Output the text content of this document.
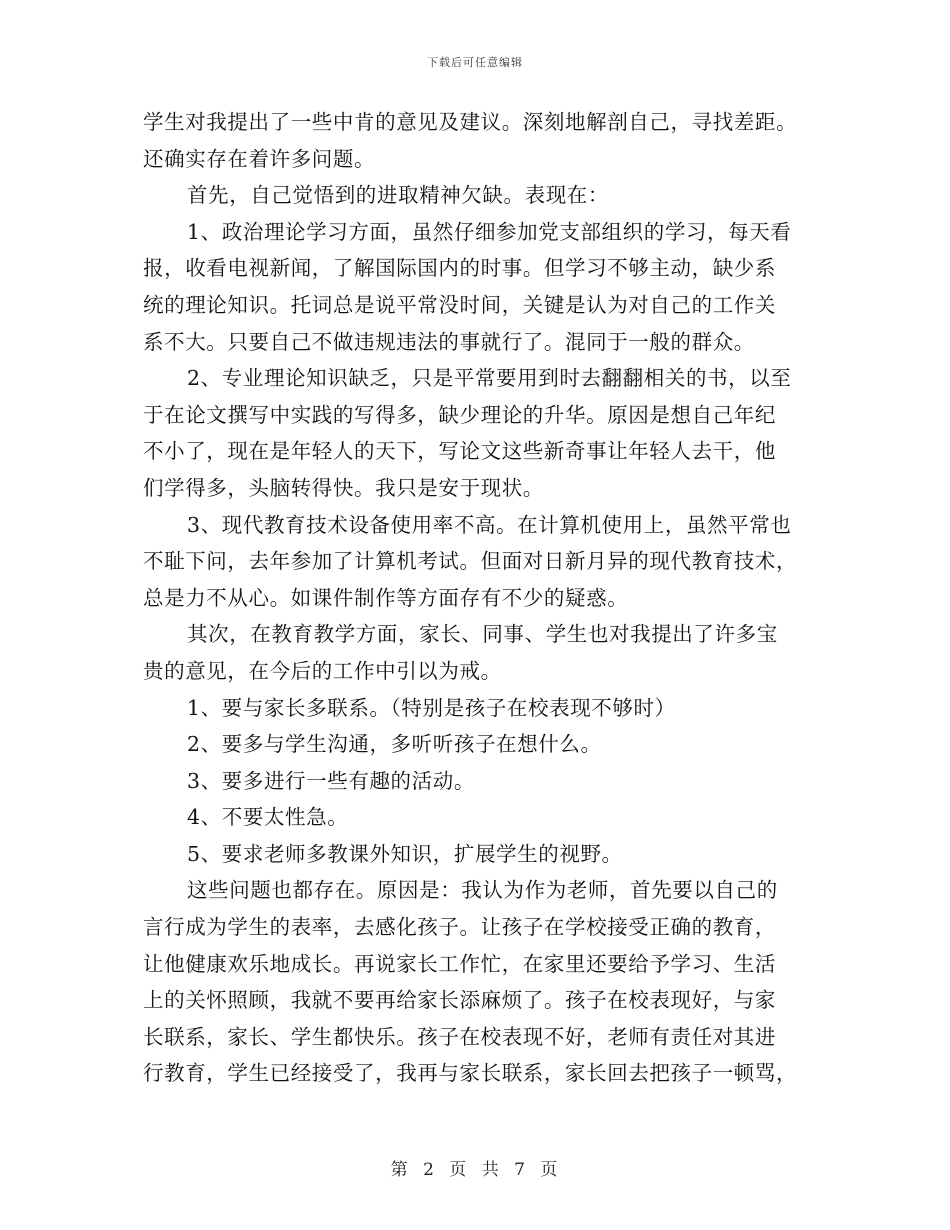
下载后可任意编辑
学生对我提出了一些中肯的意见及建议。深刻地解剖自己，寻找差距。
还确实存在着许多问题。
首先，自己觉悟到的进取精神欠缺。表现在：
1、政治理论学习方面，虽然仔细参加党支部组织的学习，每天看
报，收看电视新闻，了解国际国内的时事。但学习不够主动，缺少系
统的理论知识。托词总是说平常没时间，关键是认为对自己的工作关
系不大。只要自己不做违规违法的事就行了。混同于一般的群众。
2、专业理论知识缺乏，只是平常要用到时去翻翻相关的书，以至
于在论文撰写中实践的写得多，缺少理论的升华。原因是想自己年纪
不小了，现在是年轻人的天下，写论文这些新奇事让年轻人去干，他
们学得多，头脑转得快。我只是安于现状。
3、现代教育技术设备使用率不高。在计算机使用上，虽然平常也
不耻下问，去年参加了计算机考试。但面对日新月异的现代教育技术，
总是力不从心。如课件制作等方面存有不少的疑惑。
其次，在教育教学方面，家长、同事、学生也对我提出了许多宝
贵的意见，在今后的工作中引以为戒。
1、要与家长多联系。（特别是孩子在校表现不够时）
2、要多与学生沟通，多听听孩子在想什么。
3、要多进行一些有趣的活动。
4、不要太性急。
5、要求老师多教课外知识，扩展学生的视野。
这些问题也都存在。原因是：我认为作为老师，首先要以自己的
言行成为学生的表率，去感化孩子。让孩子在学校接受正确的教育，
让他健康欢乐地成长。再说家长工作忙，在家里还要给予学习、生活
上的关怀照顾，我就不要再给家长添麻烦了。孩子在校表现好，与家
长联系，家长、学生都快乐。孩子在校表现不好，老师有责任对其进
行教育，学生已经接受了，我再与家长联系，家长回去把孩子一顿骂，
第 2 页 共 7 页
